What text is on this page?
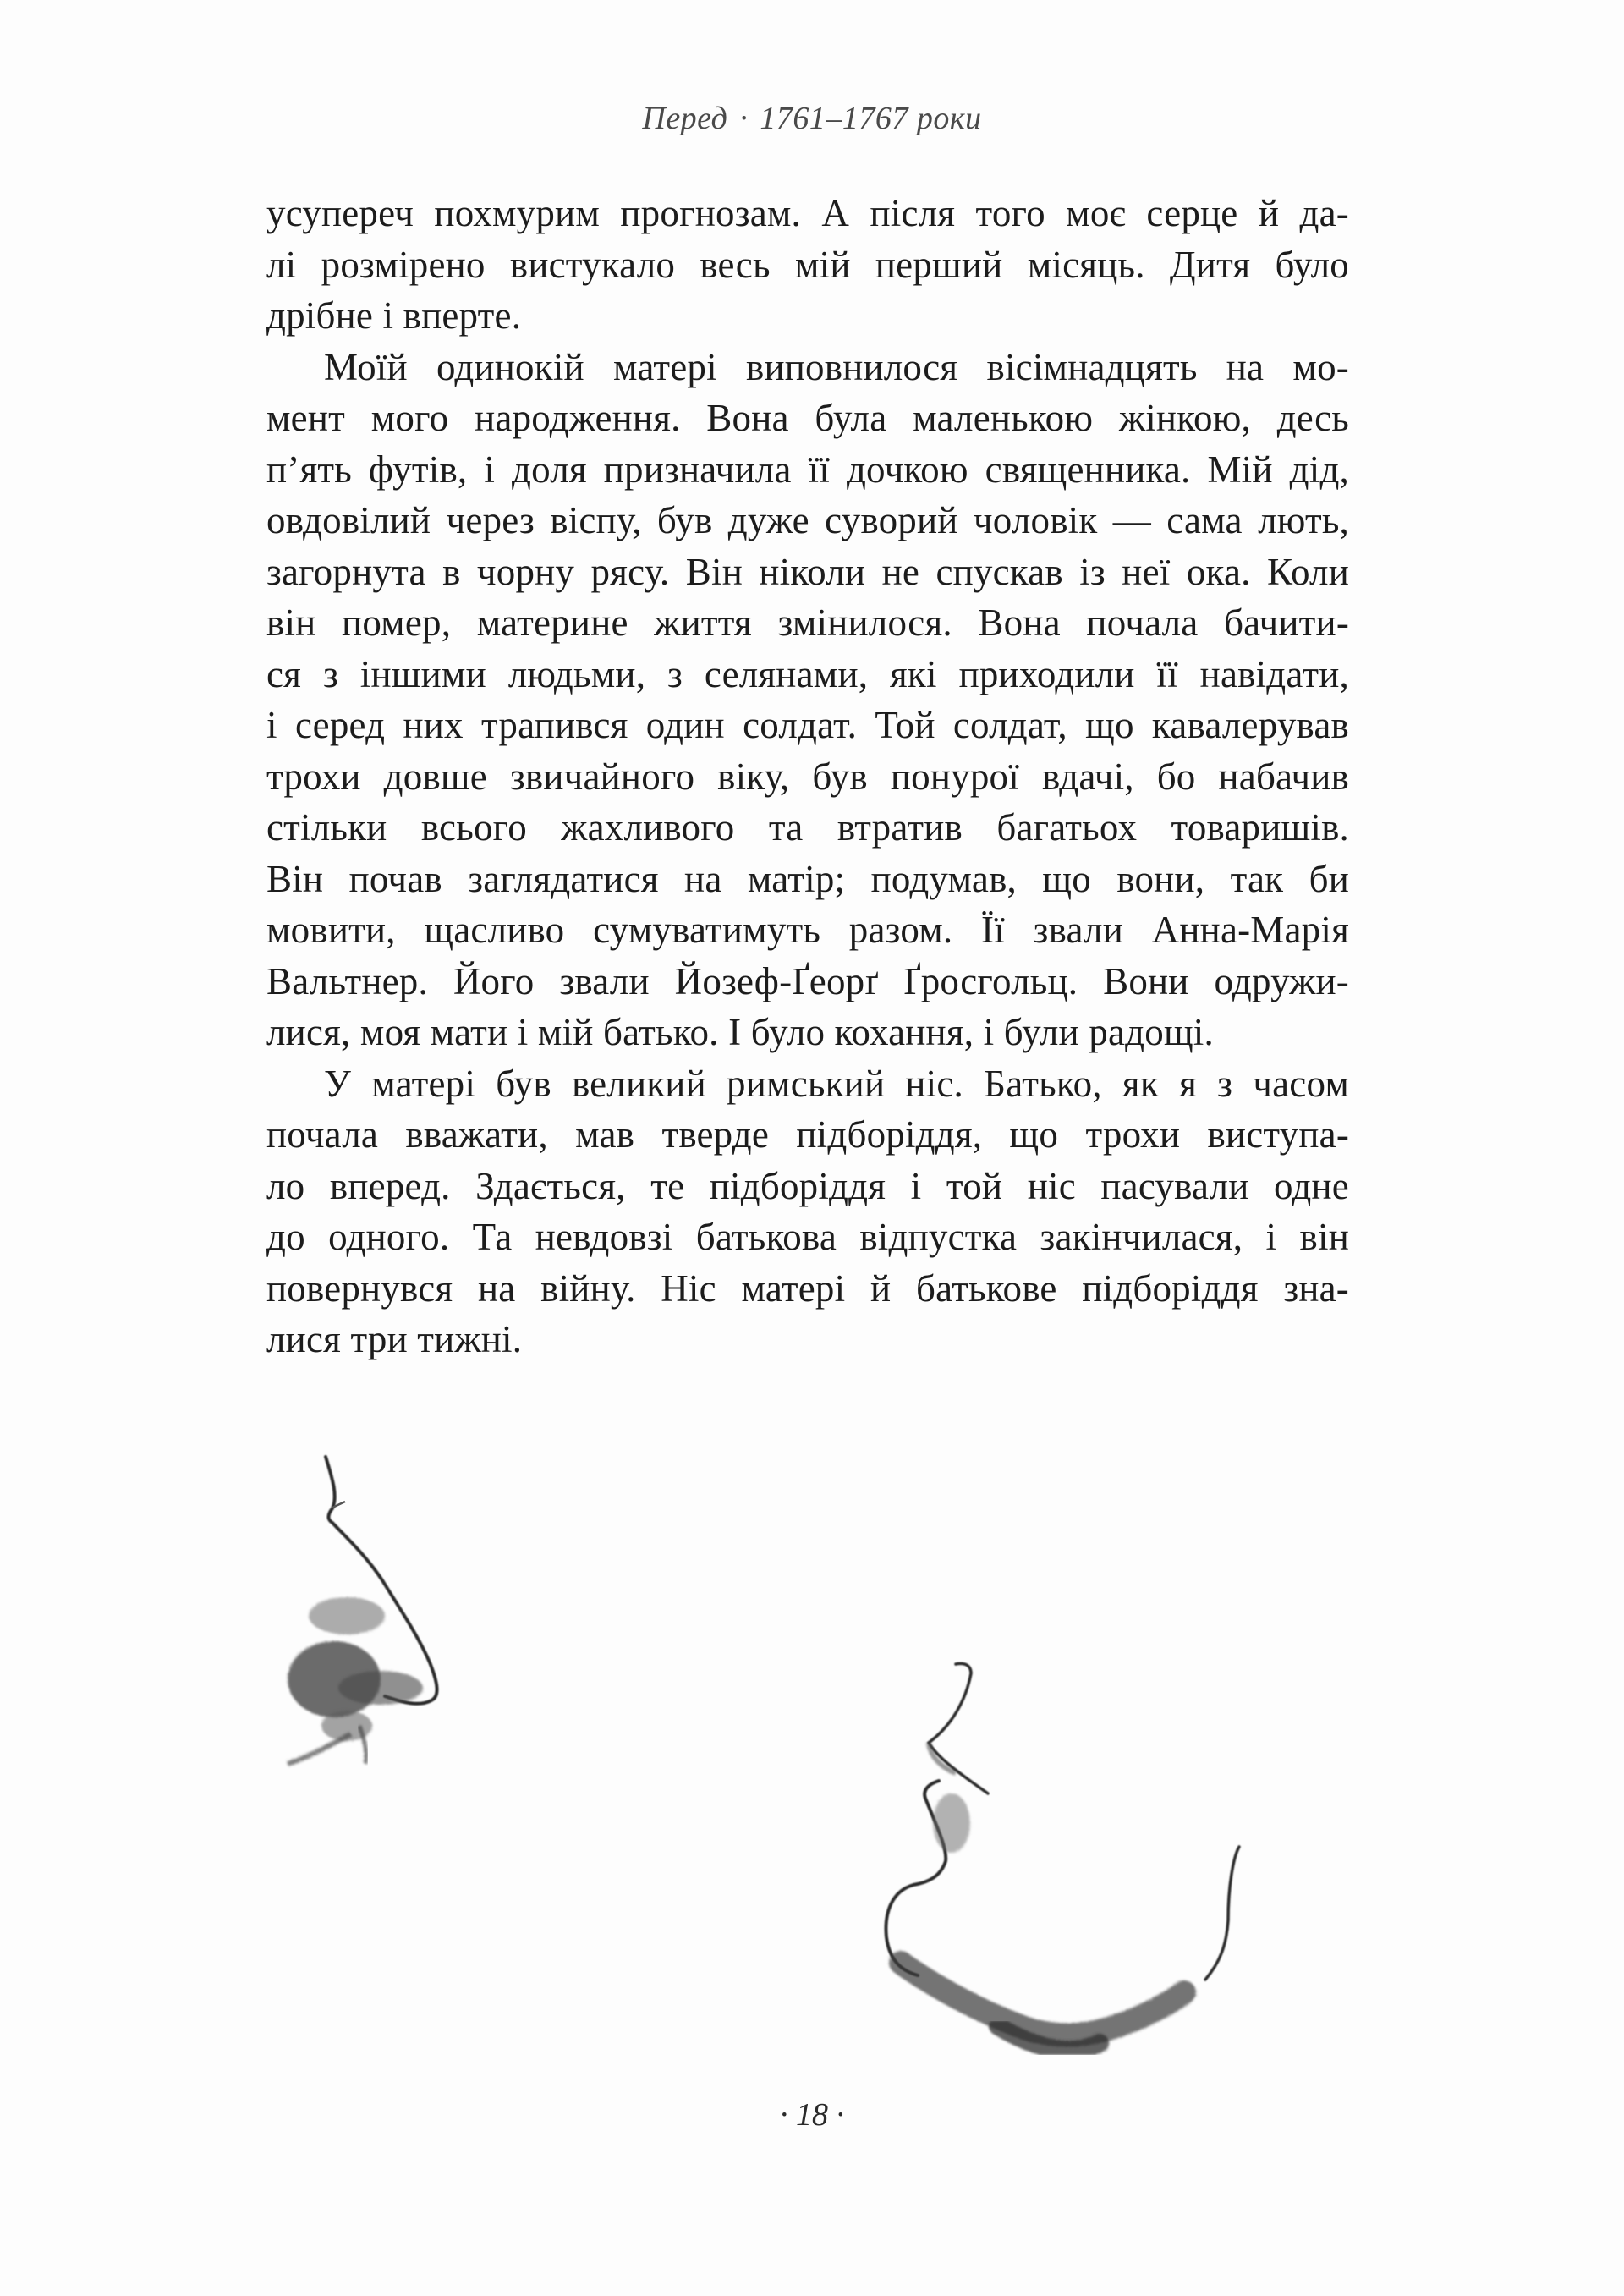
Перед · 1761–1767 роки
усупереч похмурим прогнозам. А після того моє серце й да-
лі розмірено вистукало весь мій перший місяць. Дитя було
дрібне і вперте.
Моїй одинокій матері виповнилося вісімнадцять на мо-
мент мого народження. Вона була маленькою жінкою, десь
п’ять футів, і доля призначила її дочкою священника. Мій дід,
овдовілий через віспу, був дуже суворий чоловік — сама лють,
загорнута в чорну рясу. Він ніколи не спускав із неї ока. Коли
він помер, материне життя змінилося. Вона почала бачити-
ся з іншими людьми, з селянами, які приходили її навідати,
і серед них трапився один солдат. Той солдат, що кавалерував
трохи довше звичайного віку, був понурої вдачі, бо набачив
стільки всього жахливого та втратив багатьох товаришів.
Він почав заглядатися на матір; подумав, що вони, так би
мовити, щасливо сумуватимуть разом. Її звали Анна-Марія
Вальтнер. Його звали Йозеф-Ґеорґ Ґросгольц. Вони одружи-
лися, моя мати і мій батько. І було кохання, і були радощі.
У матері був великий римський ніс. Батько, як я з часом
почала вважати, мав тверде підборіддя, що трохи виступа-
ло вперед. Здається, те підборіддя і той ніс пасували одне
до одного. Та невдовзі батькова відпустка закінчилася, і він
повернувся на війну. Ніс матері й батькове підборіддя зна-
лися три тижні.
· 18 ·
